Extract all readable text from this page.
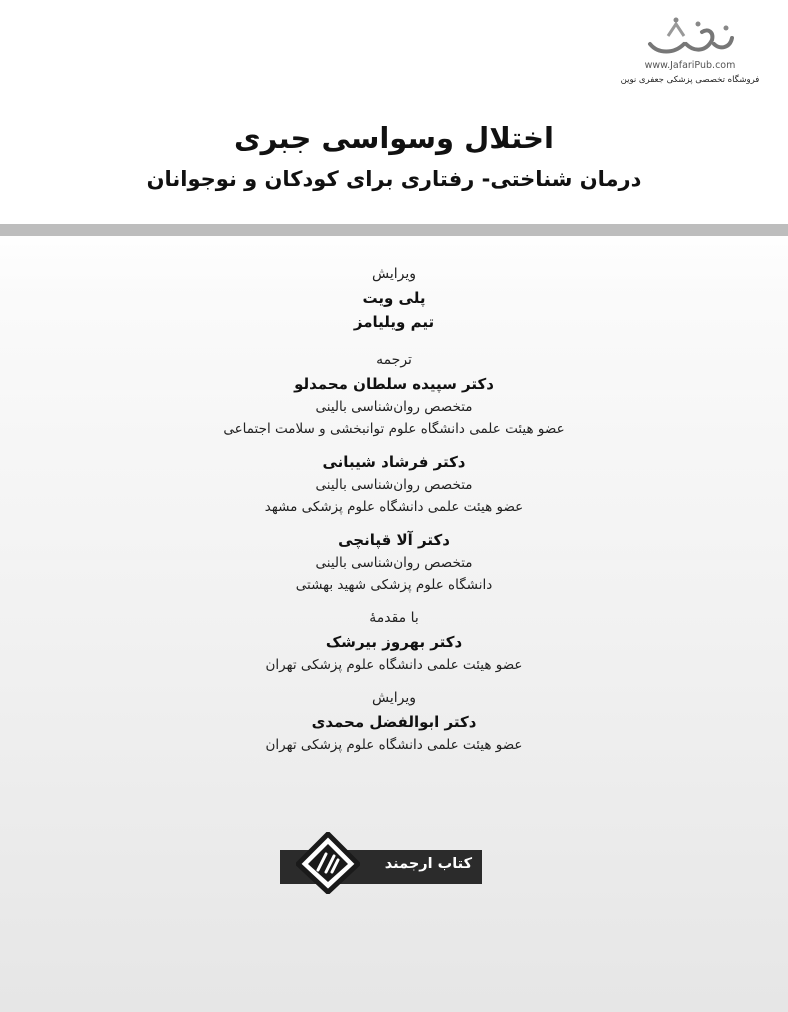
www.JafariPub.com
فروشگاه تخصصی پزشکی جعفری نوین
اختلال وسواسی جبری
درمان شناختی- رفتاری برای کودکان و نوجوانان
ویرایش
پلی ویت
تیم ویلیامز
ترجمه
دکتر سپیده سلطان محمدلو
متخصص روان‌شناسی بالینی
عضو هیئت علمی دانشگاه علوم توانبخشی و سلامت اجتماعی
دکتر فرشاد شیبانی
متخصص روان‌شناسی بالینی
عضو هیئت علمی دانشگاه علوم پزشکی مشهد
دکتر آلا قپانچی
متخصص روان‌شناسی بالینی
دانشگاه علوم پزشکی شهید بهشتی
با مقدمهٔ
دکتر بهروز بیرشک
عضو هیئت علمی دانشگاه علوم پزشکی تهران
ویرایش
دکتر ابوالفضل محمدی
عضو هیئت علمی دانشگاه علوم پزشکی تهران
کتاب ارجمند
